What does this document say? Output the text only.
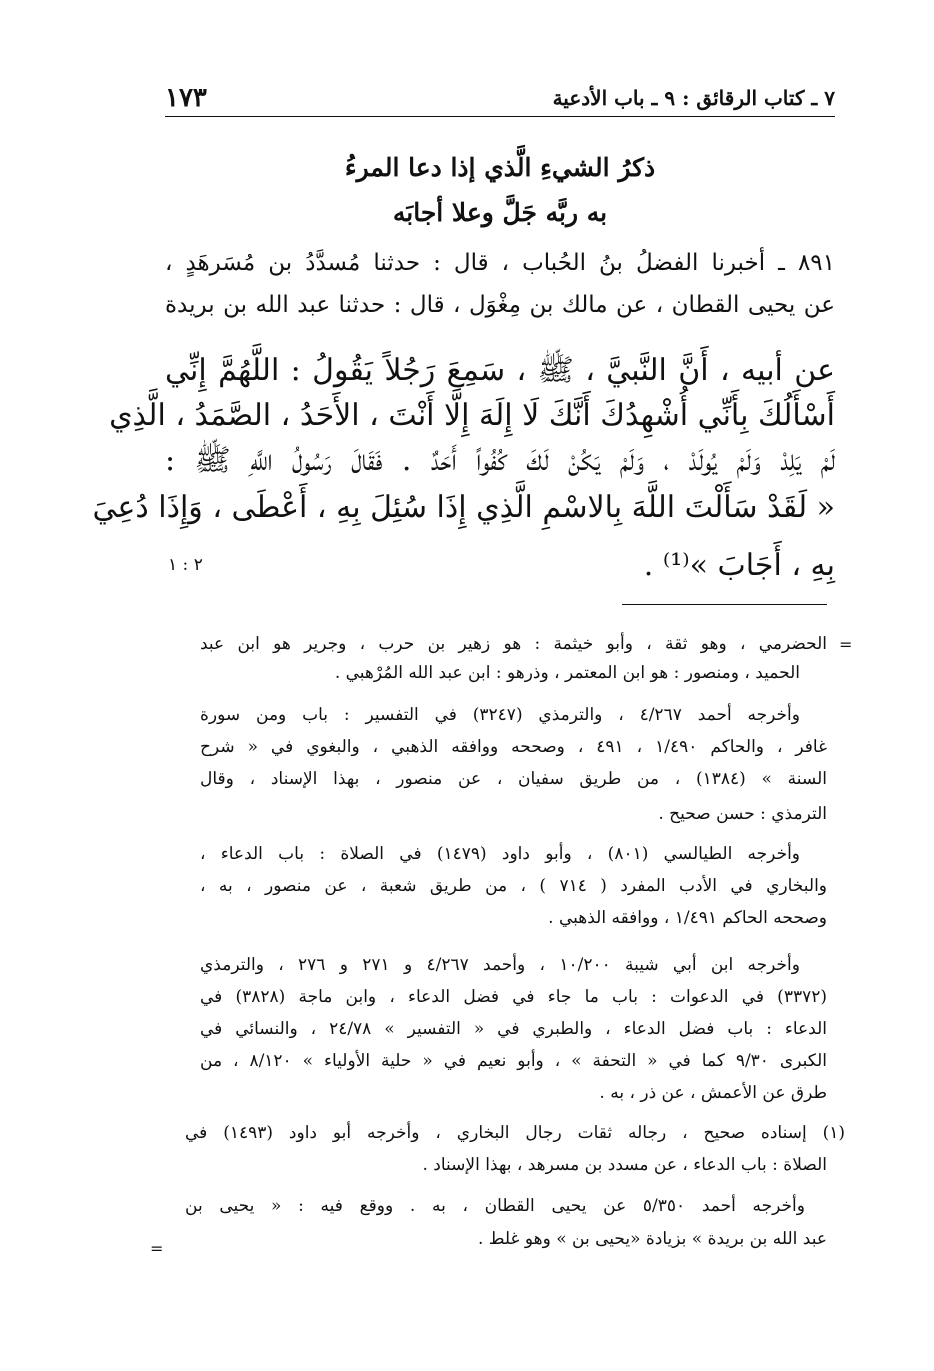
١٧٣	٧ ـ كتاب الرقائق : ٩ ـ باب الأدعية
ذكرُ الشيءِ الَّذي إذا دعا المرءُ
به ربَّه جَلَّ وعلا أجابَه
٨٩١ ـ أخبرنا الفضلُ بنُ الحُباب ، قال : حدثنا مُسدَّدُ بن مُسَرهَدٍ ،
عن يحيى القطان ، عن مالك بن مِغْوَل ، قال : حدثنا عبد الله بن بريدة
عن أبيه ، أَنَّ النَّبيَّ ، ﷺ ، سَمِعَ رَجُلاً يَقُولُ : اللَّهُمَّ إِنِّي
أَسْأَلُكَ بِأَنِّي أُشْهِدُكَ أَنَّكَ لَا إِلَهَ إِلَّا أَنْتَ ، الأَحَدُ ، الصَّمَدُ ، الَّذِي
لَمْ يَلِدْ وَلَمْ يُولَدْ ، وَلَمْ يَكُنْ لَكَ كُفُواً أَحَدٌ . فَقَالَ رَسُولُ اللَّهِ ﷺ :
« لَقَدْ سَأَلْتَ اللَّهَ بِالاسْمِ الَّذِي إِذَا سُئِلَ بِهِ ، أَعْطَى ، وَإِذَا دُعِيَ
بِهِ ، أَجَابَ »⁽¹⁾ .
٢ : ١
=
الحضرمي ، وهو ثقة ، وأبو خيثمة : هو زهير بن حرب ، وجرير هو ابن عبد
الحميد ، ومنصور : هو ابن المعتمر ، وذرهو : ابن عبد الله المُرْهبي .
وأخرجه أحمد ٤/٢٦٧ ، والترمذي (٣٢٤٧) في التفسير : باب ومن سورة
غافر ، والحاكم ١/٤٩٠ ، ٤٩١ ، وصححه ووافقه الذهبي ، والبغوي في « شرح
السنة » (١٣٨٤) ، من طريق سفيان ، عن منصور ، بهذا الإسناد ، وقال
الترمذي : حسن صحيح .
وأخرجه الطيالسي (٨٠١) ، وأبو داود (١٤٧٩) في الصلاة : باب الدعاء ،
والبخاري في الأدب المفرد ( ٧١٤ ) ، من طريق شعبة ، عن منصور ، به ،
وصححه الحاكم ١/٤٩١ ، ووافقه الذهبي .
وأخرجه ابن أبي شيبة ١٠/٢٠٠ ، وأحمد ٤/٢٦٧ و ٢٧١ و ٢٧٦ ، والترمذي
(٣٣٧٢) في الدعوات : باب ما جاء في فضل الدعاء ، وابن ماجة (٣٨٢٨) في
الدعاء : باب فضل الدعاء ، والطبري في « التفسير » ٢٤/٧٨ ، والنسائي في
الكبرى ٩/٣٠ كما في « التحفة » ، وأبو نعيم في « حلية الأولياء » ٨/١٢٠ ، من
طرق عن الأعمش ، عن ذر ، به .
(١) إسناده صحيح ، رجاله ثقات رجال البخاري ، وأخرجه أبو داود (١٤٩٣) في
الصلاة : باب الدعاء ، عن مسدد بن مسرهد ، بهذا الإسناد .
وأخرجه أحمد ٥/٣٥٠ عن يحيى القطان ، به . ووقع فيه : « يحيى بن
عبد الله بن بريدة » بزيادة «يحيى بن » وهو غلط .
=
